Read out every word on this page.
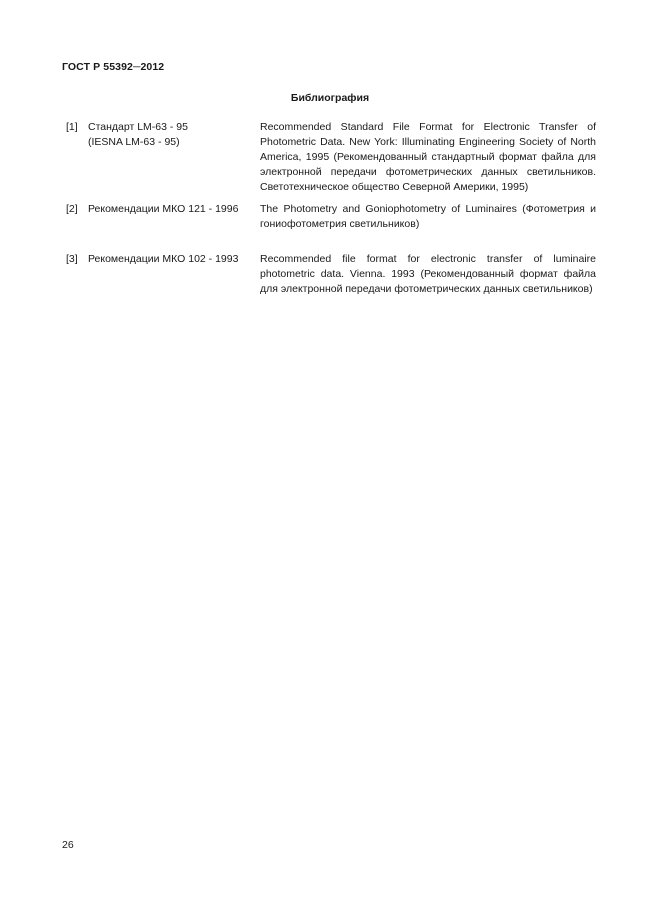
ГОСТ Р 55392─2012
Библиография
[1] Стандарт LM-63 - 95
(IESNA LM-63 - 95)
Recommended Standard File Format for Electronic Transfer of Photometric Data. New York: Illuminating Engineering Society of North America, 1995 (Рекомендованный стандартный формат файла для электронной передачи фотометрических данных светильников. Светотехническое общество Северной Америки, 1995)
[2] Рекомендации МКО 121 - 1996	The Photometry and Goniophotometry of Luminaires (Фотометрия и гониофотометрия светильников)
[3] Рекомендации МКО 102 - 1993	Recommended file format for electronic transfer of luminaire photometric data. Vienna. 1993 (Рекомендованный формат файла для электронной передачи фотометрических данных светильников)
26
